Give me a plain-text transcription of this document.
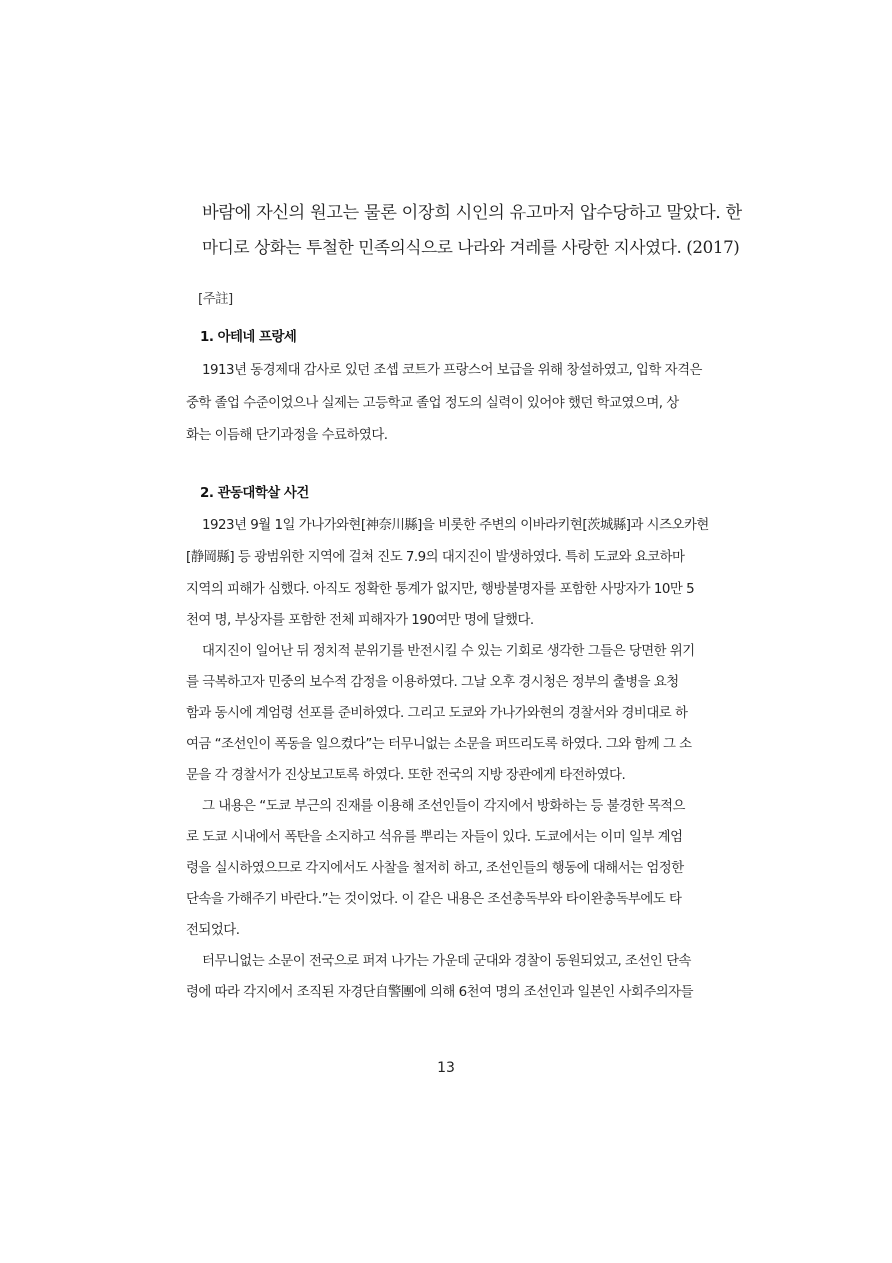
바람에 자신의 원고는 물론 이장희 시인의 유고마저 압수당하고 말았다. 한
마디로 상화는 투철한 민족의식으로 나라와 겨레를 사랑한 지사였다. (2017)

[주註]
1. 아테네 프랑세
1913년 동경제대 감사로 있던 조셉 코트가 프랑스어 보급을 위해 창설하였고, 입학 자격은
중학 졸업 수준이었으나 실제는 고등학교 졸업 정도의 실력이 있어야 했던 학교였으며, 상
화는 이듬해 단기과정을 수료하였다.
2. 관동대학살 사건
1923년 9월 1일 가나가와현[神奈川縣]을 비롯한 주변의 이바라키현[茨城縣]과 시즈오카현
[静岡縣] 등 광범위한 지역에 걸쳐 진도 7.9의 대지진이 발생하였다. 특히 도쿄와 요코하마
지역의 피해가 심했다. 아직도 정확한 통계가 없지만, 행방불명자를 포함한 사망자가 10만 5
천여 명, 부상자를 포함한 전체 피해자가 190여만 명에 달했다.
대지진이 일어난 뒤 정치적 분위기를 반전시킬 수 있는 기회로 생각한 그들은 당면한 위기
를 극복하고자 민중의 보수적 감정을 이용하였다. 그날 오후 경시청은 정부의 출병을 요청
함과 동시에 계엄령 선포를 준비하였다. 그리고 도쿄와 가나가와현의 경찰서와 경비대로 하
여금 “조선인이 폭동을 일으켰다”는 터무니없는 소문을 퍼뜨리도록 하였다. 그와 함께 그 소
문을 각 경찰서가 진상보고토록 하였다. 또한 전국의 지방 장관에게 타전하였다.
그 내용은 “도쿄 부근의 진재를 이용해 조선인들이 각지에서 방화하는 등 불경한 목적으
로 도쿄 시내에서 폭탄을 소지하고 석유를 뿌리는 자들이 있다. 도쿄에서는 이미 일부 계엄
령을 실시하였으므로 각지에서도 사찰을 철저히 하고, 조선인들의 행동에 대해서는 엄정한
단속을 가해주기 바란다.”는 것이었다. 이 같은 내용은 조선총독부와 타이완총독부에도 타
전되었다.
터무니없는 소문이 전국으로 퍼져 나가는 가운데 군대와 경찰이 동원되었고, 조선인 단속
령에 따라 각지에서 조직된 자경단自警團에 의해 6천여 명의 조선인과 일본인 사회주의자들
13
